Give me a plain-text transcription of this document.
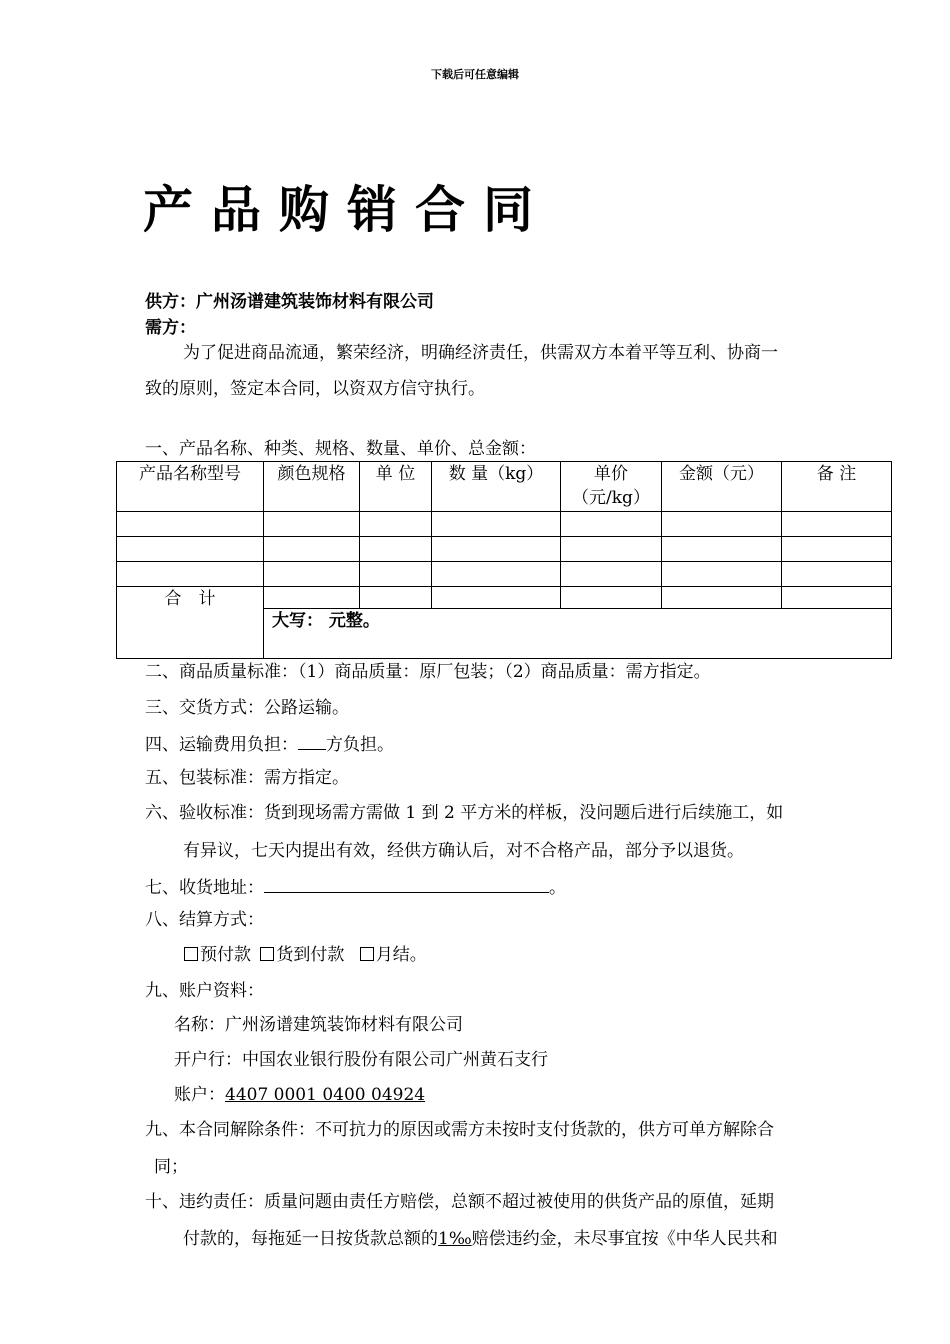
下载后可任意编辑
产品购销合同
供方：广州汤谱建筑装饰材料有限公司
需方：
为了促进商品流通，繁荣经济，明确经济责任，供需双方本着平等互利、协商一
致的原则，签定本合同，以资双方信守执行。
一、产品名称、种类、规格、数量、单价、总金额：
产品名称型号	颜色规格	单 位	数 量（kg）	单价
（元/kg）	金额（元）	备 注

合　计						
	大写： 元整。					
二、商品质量标准：（1）商品质量：原厂包装；（2）商品质量：需方指定。
三、交货方式：公路运输。
四、运输费用负担： 方负担。
五、包装标准：需方指定。
六、验收标准：货到现场需方需做 1 到 2 平方米的样板，没问题后进行后续施工，如
有异议，七天内提出有效，经供方确认后，对不合格产品，部分予以退货。
七、收货地址：	。
八、结算方式：
预付款 货到付款 月结。
九、账户资料：
名称：广州汤谱建筑装饰材料有限公司
开户行：中国农业银行股份有限公司广州黄石支行
账户：4407 0001 0400 04924
九、本合同解除条件：不可抗力的原因或需方未按时支付货款的，供方可单方解除合
同；
十、违约责任：质量问题由责任方赔偿，总额不超过被使用的供货产品的原值，延期
付款的，每拖延一日按货款总额的1‰赔偿违约金，未尽事宜按《中华人民共和
